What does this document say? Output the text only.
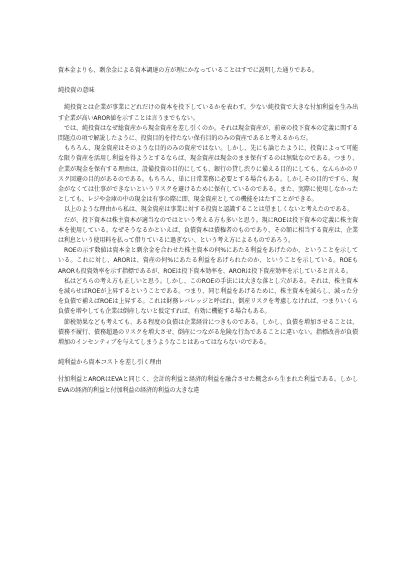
資本金よりも、剰余金による資本調達の方が理にかなっていることはすでに説明した通りである。

純投資の意味

純投資とは企業が事業にどれだけの資本を投下しているかを表わす。少ない純投資で大きな付加利益を生み出す企業が高いAROR値を示すことは言うまでもない。

では、純投資はなぜ総資産から現金資産を差し引くのか。それは現金資産が、前章の投下資本の定義に関する問題点の項で解説したように、投資目的を持たない保有目的のみの資産であると考えるからだ。

もちろん、現金資産はそのような目的のみの資産ではない。しかし、先にも論じたように、投資によって可能な限り資産を活用し利益を得ようとするならば、現金資産は現金のまま保有するのは無駄なのである。つまり、企業が現金を保有する理由は、設備投資の目的にしても、銀行の貸し渋りに備える目的にしても、なんらかのリスク回避の目的があるのである。もちろん、単に日常業務に必要とする場合もある。しかしその目的ですら、現金がなくては仕事ができないというリスクを避けるために保有しているのである。また、実際に使用しなかったとしても、レジや金庫の中の現金は有事の際に即、現金資産としての機能をはたすことができる。

以上のような理由から私は、現金資産は事業に対する投資と認識することは望ましくないと考えたのである。

だが、投下資本は株主資本が適当なのではという考える方も多いと思う。現にROEは投下資本の定義に株主資本を使用している。なぜそうなるかといえば、負債資本は債権者のものであり、その額に相当する資産は、企業は利息という使用料を払って借りているに過ぎない、という考え方によるものであろう。

ROEの示す数値は資本金と剰余金を合わせた株主資本の何%にあたる利益をあげたのか、ということを示している。これに対し、ARORは、資産の何%にあたる利益をあげられたのか、ということを示している。ROEもARORも投資効率を示す指標であるが、ROEは投下資本効率を、ARORは投下資産効率を示していると言える。

私はどちらの考え方も正しいと思う。しかし、このROEの手法には大きな落とし穴がある。それは、株主資本を減らせばROEが上昇するということである。つまり、同じ利益をあげるために、株主資本を減らし、減った分を負債で補えばROEは上昇する。これは財務レバレッジと呼ばれ、倒産リスクを考慮しなければ、つまりいくら負債を増やしても企業は倒産しないと仮定すれば、有効に機能する場合もある。

節税効果なども考えても、ある程度の負債は企業経営につきものである。しかし、負債を増加させることは、債務不履行、債務超過のリスクを増大させ、倒産につながる危険な行為であることに違いない。指標改善が負債増加のインセンティブを与えてしまうようなことはあってはならないのである。

純利益から資本コストを差し引く理由

付加利益とARORはEVAと同じく、会計的利益と経済的利益を融合させた概念から生まれた利益である。しかしEVAの経済的利益と付加利益の経済的利益の大きな違
